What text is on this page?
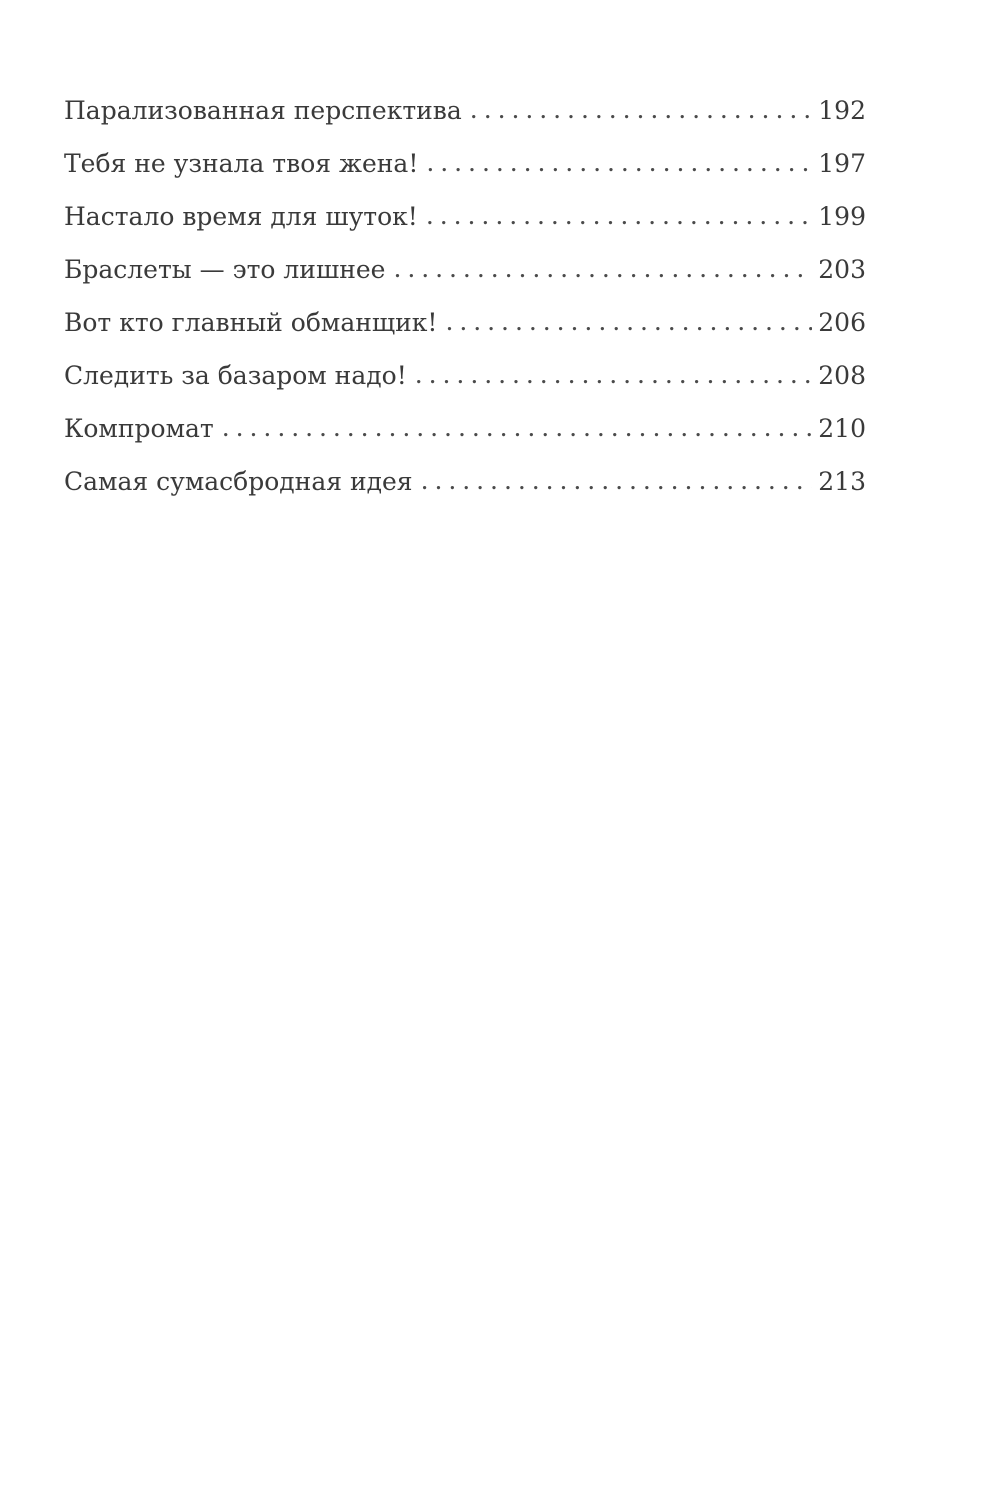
Парализованная перспектива . . .	192
Тебя не узнала твоя жена! . . .	197
Настало время для шуток! . . .	199
Браслеты — это лишнее . . .	203
Вот кто главный обманщик! . . .	206
Следить за базаром надо! . . .	208
Компромат . . .	210
Самая сумасбродная идея . . .	213
